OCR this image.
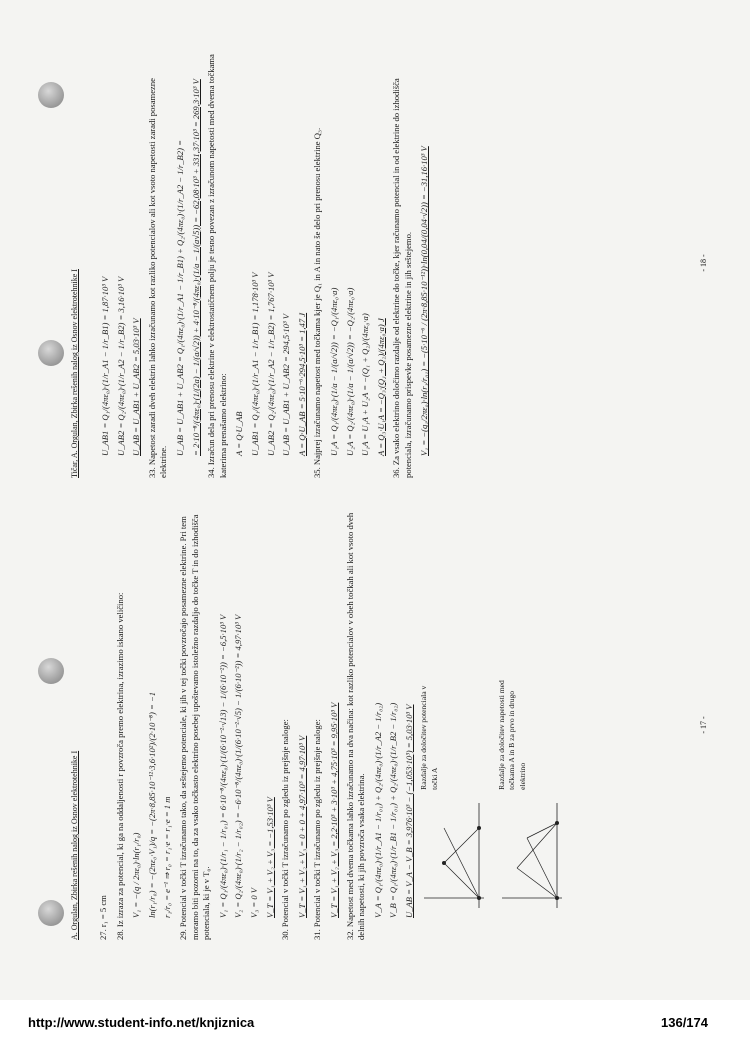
A. Orgulan, Zbirka rešenih nalog iz Osnov elektrotehnike I 27. r₁ = 5 cm 28. Iz izraza za potencial, ki ga na oddaljenosti r povzroča premo elektrina, izrazimo iskano veličino: V₁ = −(q / 2πε₀)·ln(r₁/r₀) ln(r₁/r₀) = −(2πε₀·V₁)/q = −(2π·8,85·10⁻¹²·3,6·10²)/(2·10⁻⁸) = −1 r₁/r₀ = e⁻¹ ⇒ r₀ = r₁·e = r₁·e = 1 m 29. Potencial v točki T izračunamo tako, da seštejemo potenciale, ki jih v tej točki povzročajo posamezne elektrine. Pri tem moramo biti pozorni na to, da za vsako točkasto elektrino posebej upoštevamo istoležno razdaljo do točke T in do izhodišča potenciala, ki je v T₀. V₁ = Q₁/(4πε₀)·(1/r₁ − 1/r₀₁) = 6·10⁻⁸/(4πε₀)·(1/(6·10⁻²·√13) − 1/(6·10⁻²)) = −6,5·10³ V V₂ = Q₂/(4πε₀)·(1/r₂ − 1/r₀₂) = −6·10⁻⁸/(4πε₀)·(1/(6·10⁻²·√5) − 1/(6·10⁻²)) = 4,97·10³ V V₃ = 0 V V_T = V₁ + V₂ + V₃ = −1,53·10³ V 30. Potencial v točki T izračunamo po zgledu iz prejšnje naloge: V_T = V₁ + V₂ + V₃ = 0 + 0 + 4,97·10³ = 4,97·10³ V 31. Potencial v točki T izračunamo po zgledu iz prejšnje naloge: V_T = V₁ + V₂ + V₃ = 2,2·10³ + 3·10³ + 4,75·10³ = 9,95·10³ V 32. Napetost med dvema točkama lahko izračunamo na dva načina: kot razliko potencialov v obeh točkah ali kot vsoto dveh delnih napetosti, ki jih povzroča vsaka elektrina. V_A = Q₁/(4πε₀)·(1/r_A1 − 1/r₀₁) + Q₂/(4πε₀)·(1/r_A2 − 1/r₀₂) V_B = Q₁/(4πε₀)·(1/r_B1 − 1/r₀₁) + Q₂/(4πε₀)·(1/r_B2 − 1/r₀₂) U_AB = V_A − V_B = 3,976·10³ − (−1,053·10³) = 5,03·10³ V Razdalje za določitev potenciala v točki A	Razdalje za določitev napetosti med točkama A in B za prvo in drugo elektrino
- 17 -
Tičar, A. Orgulan, Zbirka rešenih nalog iz Osnov elektrotehnike I U_AB1 = Q₁/(4πε₀)·(1/r_A1 − 1/r_B1) = 1,87·10³ V U_AB2 = Q₂/(4πε₀)·(1/r_A2 − 1/r_B2) = 3,16·10³ V U_AB = U_AB1 + U_AB2 = 5,03·10³ V 33. Napetost zaradi dveh elektrin lahko izračunamo kot razliko potencialov ali kot vsoto napetosti zaradi posamezne elektrine.

U_AB = U_AB1 + U_AB2 = Q₁/(4πε₀)·(1/r_A1 − 1/r_B1) + Q₂/(4πε₀)·(1/r_A2 − 1/r_B2) = = 2·10⁻⁸/(4πε₀)·(1/(2a) − 1/(a/√2)) + 4·10⁻⁸/(4πε₀)·(1/a − 1/(a√5)) = −62,08·10³ + 331,37·10³ = 269,3·10³ V 34. Izračun dela pri prenosu elektrine v elektrostatičnem polju je tesno povezan z izračunom napetosti med dvema točkama katerima prenašamo elektrino: A = Q·U_AB U_AB1 = Q₁/(4πε₀)·(1/r_A1 − 1/r_B1) = 1,178·10³ V U_AB2 = Q₂/(4πε₀)·(1/r_A2 − 1/r_B2) = 1,767·10³ V U_AB = U_AB1 + U_AB2 = 294,5·10³ V A = Q·U_AB = 5·10⁻⁶·294,5·10³ = 1,47 J 35. Najprej izračunamo napetost med točkama kjer je Q₁ in A in nato še delo pri prenosu elektrine Q₃. U₁A = Q₁/(4πε₀)·(1/a − 1/(a/√2)) = −Q₁/(4πε₀·a) U₂A = Q₂/(4πε₀)·(1/a − 1/(a/√2)) = −Q₂/(4πε₀·a) U₁A = U₁A + U₂A = −(Q₁ + Q₂)/(4πε₀·a) A = Q₃·U₁A = −Q₃·(Q₁ + Q₂)/(4πε₀·a) J 36. Za vsako elektrino določimo razdalje od elektrine do točke, kjer računamo potencial in od elektrine do izhodišča potenciala, izračunamo prispevke posamezne elektrine in jih seštejemo. V₁ = −(q₁/2πε₀)·ln(r₁/r₀₁) = −(5·10⁻⁶ / (2π·8,85·10⁻¹²))·ln(0,04/(0,04·√2)) = −31,16·10³ V	- 18 -
http://www.student-info.net/knjiznica	136/174
